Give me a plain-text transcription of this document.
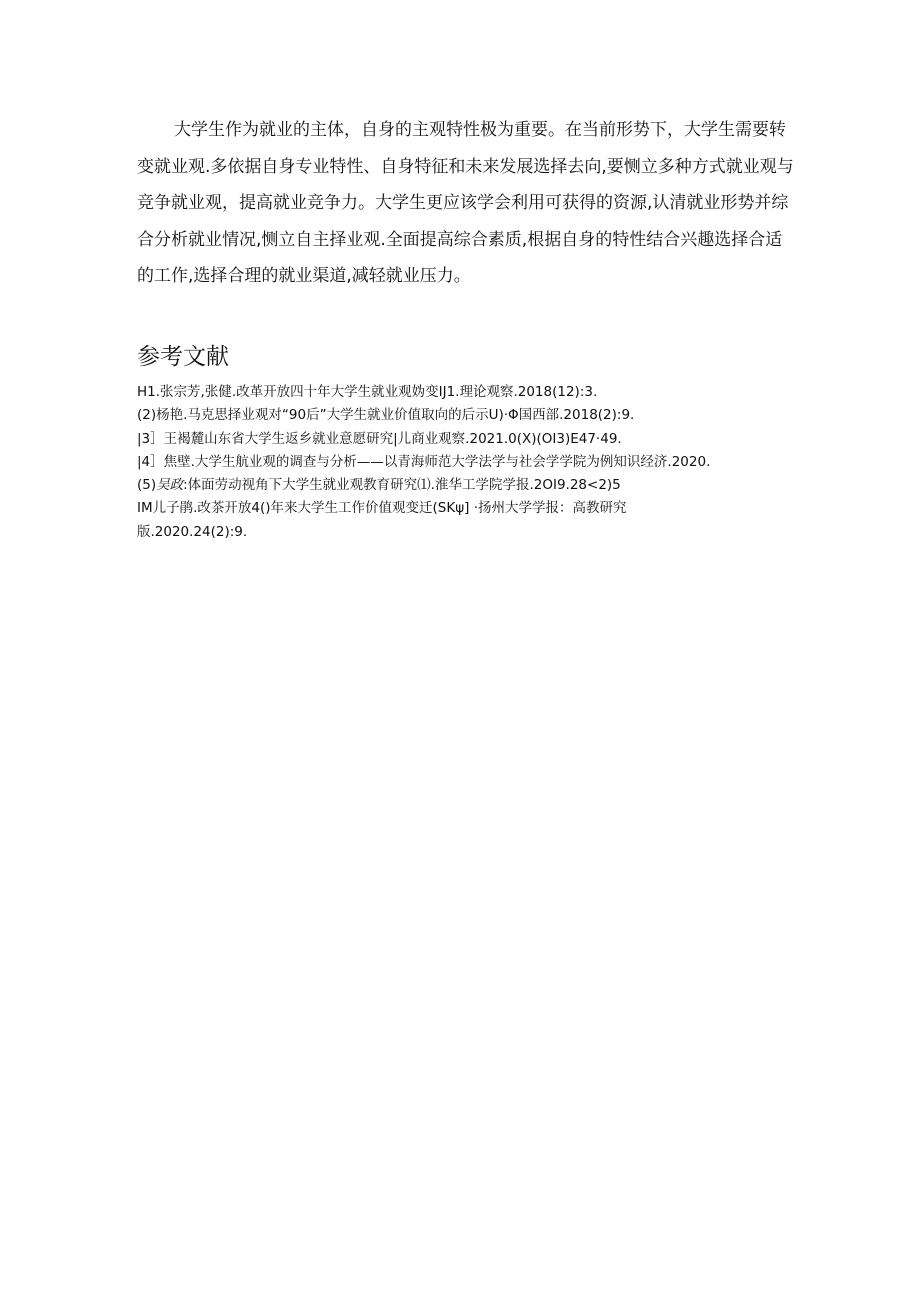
大学生作为就业的主体，自身的主观特性极为重要。在当前形势下，大学生需要转
变就业观.多依据自身专业特性、自身特征和未来发展选择去向,要恻立多种方式就业观与
竞争就业观，提高就业竞争力。大学生更应该学会利用可获得的资源,认清就业形势并综
合分析就业情况,恻立自主择业观.全面提高综合素质,根据自身的特性结合兴趣选择合适
的工作,选择合理的就业渠道,减轻就业压力。
参考文献
H1.张宗芳,张健.改革开放四十年大学生就业观妫变IJ1.理论观察.2018(12):3.
(2)杨艳.马克思择业观对“90后”大学生就业价值取向的后示U)·Φ国西部.2018(2):9.
|3］王褐麓山东省大学生返乡就业意愿研究|儿商业观察.2021.0(X)(OI3)E47·49.
|4］焦壁.大学生航业观的调查与分析——以青海师范大学法学与社会学学院为例知识经济.2020.
(5)吴政:体面劳动视角下大学生就业观教育研究⑴.淮华工学院学报.2OI9.28<2)5
IM儿子鹃.改茶开放4()年来大学生工作价值观变迁(SKψ] ·扬州大学学报：高教研究
版.2020.24(2):9.
